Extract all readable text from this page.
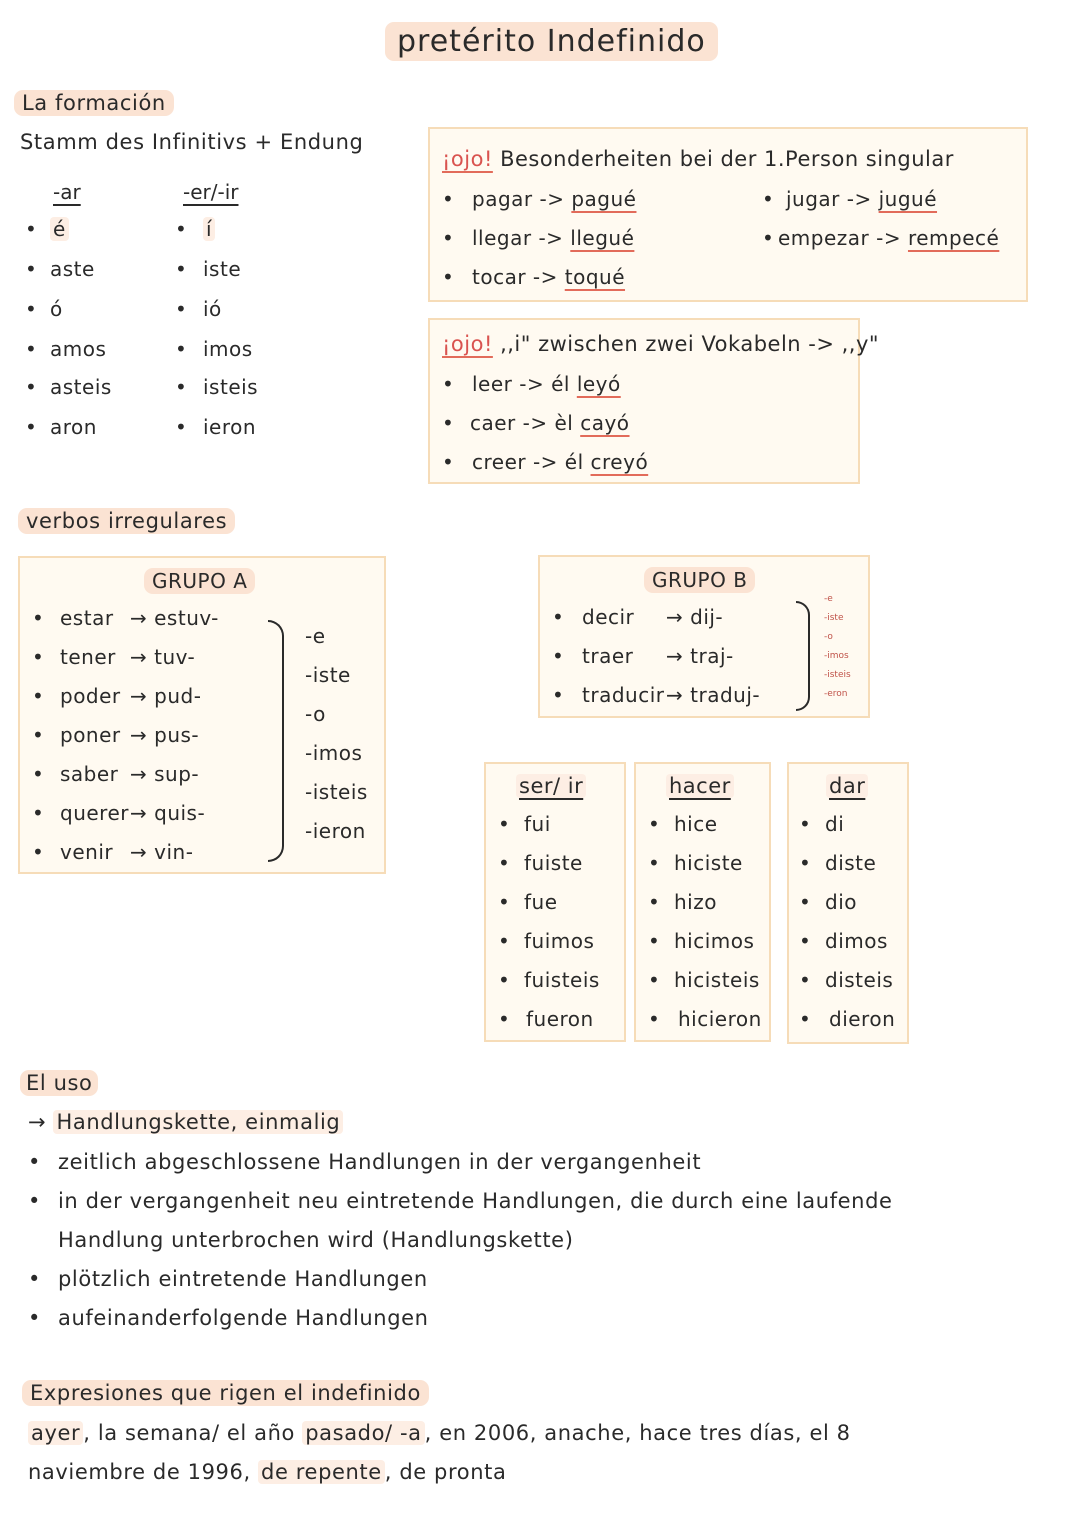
pretérito Indefinido
La formación
Stamm des Infinitivs + Endung
-ar	-er/-ir
• é
• aste
• ó
• amos
• asteis
• aron
• í
• iste
• ió
• imos
• isteis
• ieron
¡ojo! Besonderheiten bei der 1.Person singular
• pagar -> pagué
• llegar -> llegué
• tocar -> toqué
• jugar -> jugué
• empezar -> rempecé
¡ojo! ,,i" zwischen zwei Vokabeln -> ,,y"
• leer -> él leyó
• caer -> èl cayó
• creer -> él creyó
verbos irregulares
GRUPO A
• estar → estuv-
• tener → tuv-
• poder → pud-
• poner → pus-
• saber → sup-
• querer→ quis-
• venir → vin-
-e
-iste
-o
-imos
-isteis
-ieron
GRUPO B
• decir → dij-
• traer → traj-
• traducir→ traduj-
-e
-iste
-o
-imos
-isteis
-eron
ser/ ir
• fui
• fuiste
• fue
• fuimos
• fuisteis
• fueron
hacer
• hice
• hiciste
• hizo
• hicimos
• hicisteis
• hicieron
dar
• di
• diste
• dio
• dimos
• disteis
• dieron
El uso
→ Handlungskette, einmalig
• zeitlich abgeschlossene Handlungen in der vergangenheit
• in der vergangenheit neu eintretende Handlungen, die durch eine laufende
Handlung unterbrochen wird (Handlungskette)
• plötzlich eintretende Handlungen
• aufeinanderfolgende Handlungen
Expresiones que rigen el indefinido
ayer , la semana/ el año pasado/ -a , en 2006, anache, hace tres días, el 8
naviembre de 1996, de repente , de pronta
